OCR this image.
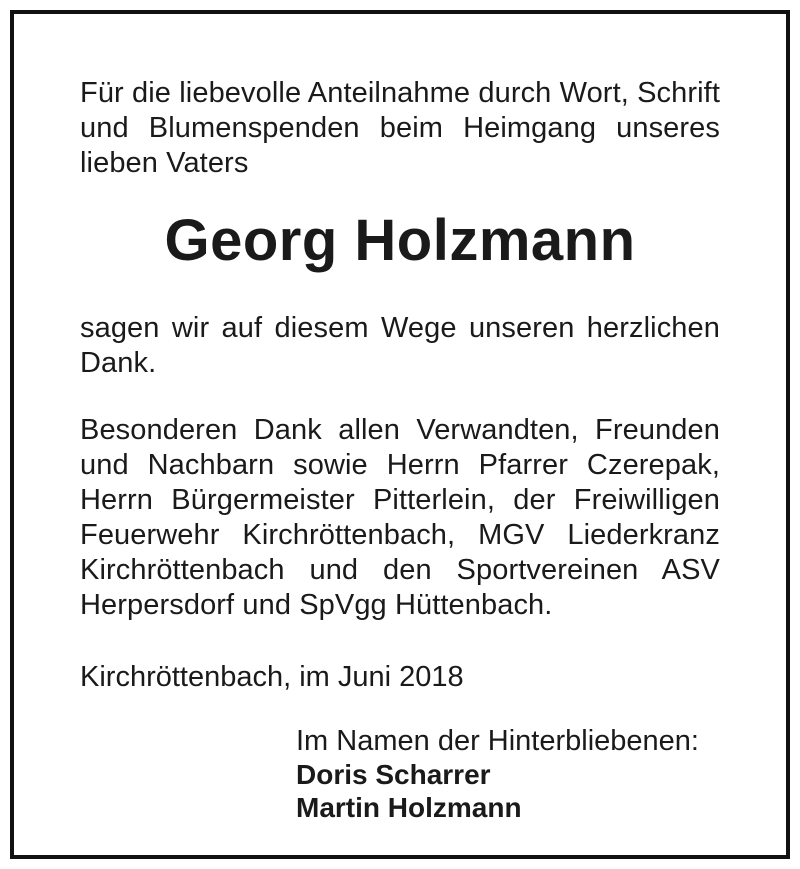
Für die liebevolle Anteilnahme durch Wort, Schrift und Blumenspenden beim Heimgang unseres lieben Vaters

Georg Holzmann

sagen wir auf diesem Wege unseren herzlichen Dank.

Besonderen Dank allen Verwandten, Freunden und Nachbarn sowie Herrn Pfarrer Czerepak, Herrn Bürgermeister Pitterlein, der Freiwilligen Feuerwehr Kirchröttenbach, MGV Liederkranz Kirchröttenbach und den Sportvereinen ASV Herpersdorf und SpVgg Hüttenbach.

Kirchröttenbach, im Juni 2018
Im Namen der Hinterbliebenen:
Doris Scharrer
Martin Holzmann
